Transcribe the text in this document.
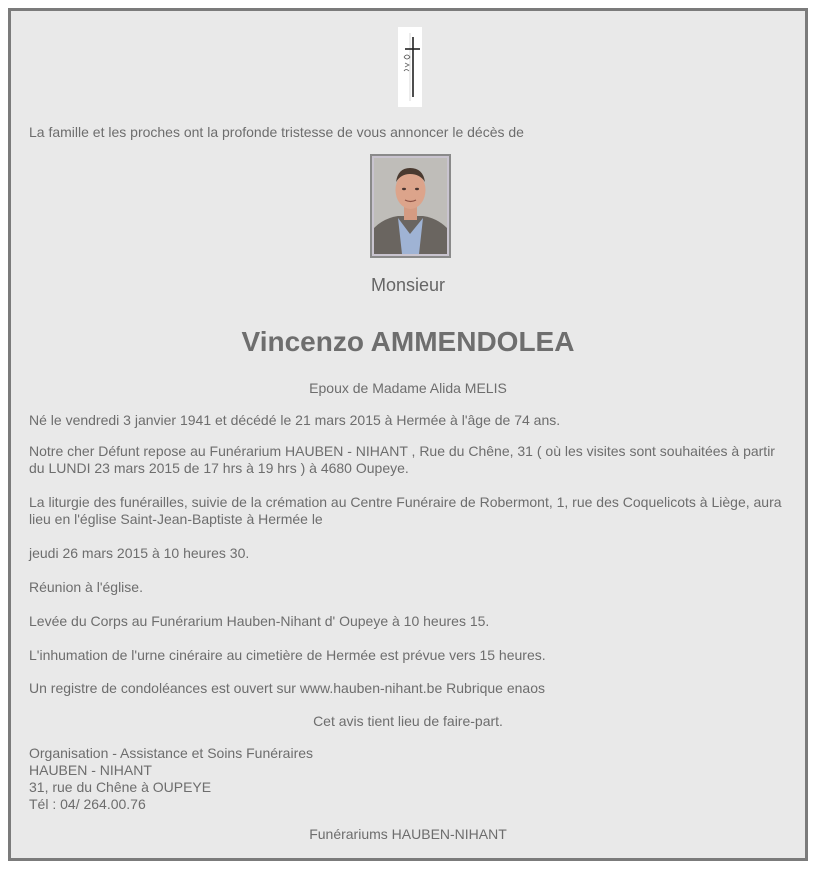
La famille et les proches ont la profonde tristesse de vous annoncer le décès de

Monsieur
Vincenzo AMMENDOLEA

Epoux de Madame Alida MELIS

Né le vendredi 3 janvier 1941 et décédé le 21 mars 2015 à Hermée à l'âge de 74 ans.

Notre cher Défunt repose au Funérarium HAUBEN - NIHANT , Rue du Chêne, 31 ( où les visites sont souhaitées à partir du LUNDI 23 mars 2015 de 17 hrs à 19 hrs ) à 4680 Oupeye.

La liturgie des funérailles, suivie de la crémation au Centre Funéraire de Robermont, 1, rue des Coquelicots à Liège, aura lieu en l'église Saint-Jean-Baptiste à Hermée le

jeudi 26 mars 2015 à 10 heures 30.

Réunion à l'église.

Levée du Corps au Funérarium Hauben-Nihant d' Oupeye à 10 heures 15.

L'inhumation de l'urne cinéraire au cimetière de Hermée est prévue vers 15 heures.

Un registre de condoléances est ouvert sur www.hauben-nihant.be Rubrique enaos

Cet avis tient lieu de faire-part.

Organisation - Assistance et Soins Funéraires
HAUBEN - NIHANT
31, rue du Chêne à OUPEYE
Tél : 04/ 264.00.76

Funérariums HAUBEN-NIHANT
